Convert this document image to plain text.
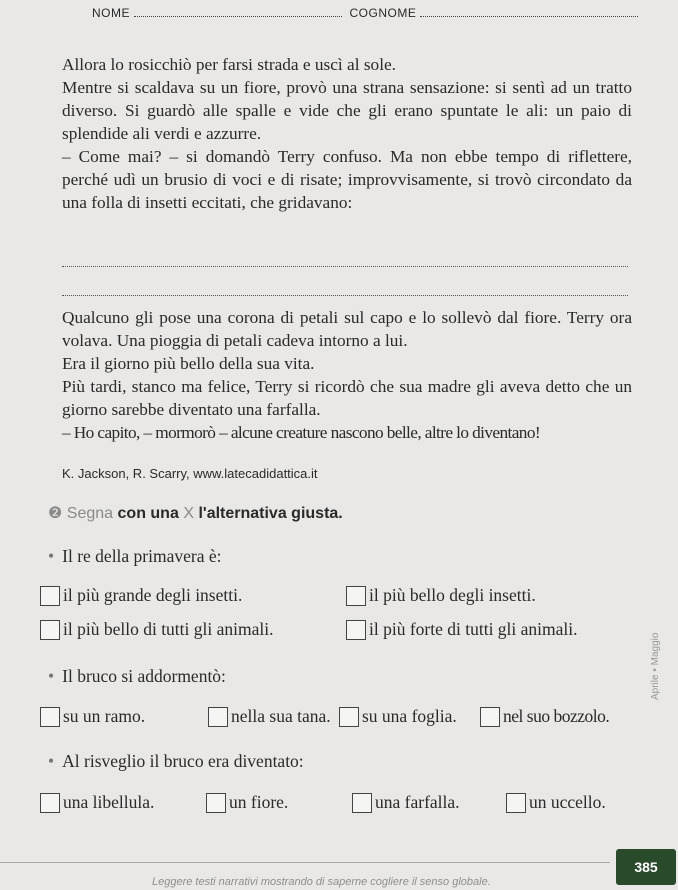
NOME	COGNOME

Allora lo rosicchiò per farsi strada e uscì al sole.

Mentre si scaldava su un fiore, provò una strana sensazione: si sentì ad un tratto diverso. Si guardò alle spalle e vide che gli erano spuntate le ali: un paio di splendide ali verdi e azzurre.

– Come mai? – si domandò Terry confuso. Ma non ebbe tempo di riflettere, perché udì un brusio di voci e di risate; improvvisamente, si trovò circondato da una folla di insetti eccitati, che gridavano:

Qualcuno gli pose una corona di petali sul capo e lo sollevò dal fiore. Terry ora volava. Una pioggia di petali cadeva intorno a lui.

Era il giorno più bello della sua vita.

Più tardi, stanco ma felice, Terry si ricordò che sua madre gli aveva detto che un giorno sarebbe diventato una farfalla.

– Ho capito, – mormorò – alcune creature nascono belle, altre lo diventano!

K. Jackson, R. Scarry, www.latecadidattica.it
❷ Segna con una X l'alternativa giusta.
• Il re della primavera è:
il più grande degli insetti.	il più bello degli insetti.
il più bello di tutti gli animali.	il più forte di tutti gli animali.
• Il bruco si addormentò:
su un ramo.	nella sua tana. su una foglia.	nel suo bozzolo.
• Al risveglio il bruco era diventato:
una libellula.	un fiore.	una farfalla.	un uccello.
Aprile • Maggio
Leggere testi narrativi mostrando di saperne cogliere il senso globale.
385
